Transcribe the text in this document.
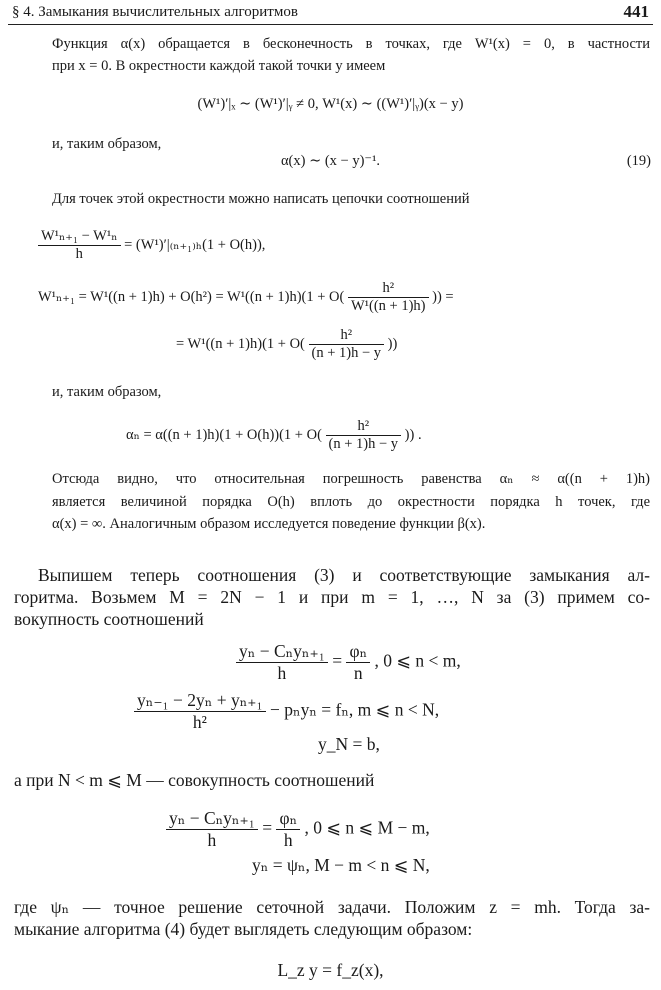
§ 4. Замыкания вычислительных алгоритмов	441
Функция α(x) обращается в бесконечность в точках, где W¹(x) = 0, в частности
при x = 0. В окрестности каждой такой точки y имеем
(W¹)′|ₓ ∼ (W¹)′|ᵧ ≠ 0, W¹(x) ∼ ((W¹)′|ᵧ)(x − y)
и, таким образом,
α(x) ∼ (x − y)⁻¹.	(19)
Для точек этой окрестности можно написать цепочки соотношений
$\frac{\text{W¹ₙ₊₁ − W¹ₙ}}{h} = (W^1)'|_{(n+1)h}(1 + O(h))$,
$W^1_{n+1} = W^1((n + 1)h) + O(h^2) = W^1((n + 1)h)(1 + O( \frac{\text{h²}}{\text{W¹((n + 1)h)}}$ )) =
= $W^1((n + 1)h)(1 + O( \frac{\text{h²}}{(n + 1)h - y}$ ))
и, таким образом,
$\alpha_n = \alpha((n + 1)h)(1 + O(h))(1 + O( \frac{\text{h²}}{(n + 1)h - y}$ )) .
Отсюда видно, что относительная погрешность равенства αₙ ≈ α((n + 1)h)
является величиной порядка O(h) вплоть до окрестности порядка h точек, где
α(x) = ∞. Аналогичным образом исследуется поведение функции β(x).
Выпишем теперь соотношения (3) и соответствующие замыкания ал-
горитма. Возьмем M = 2N − 1 и при m = 1, …, N за (3) примем со-
вокупность соотношений
$\frac{\text{yₙ − Cₙyₙ₊₁}}{h} = \frac{\text{φₙ}}{n}$ , 0 ⩽ n < m,
$\frac{\text{yₙ₋₁ − 2yₙ + yₙ₊₁}}{\text{h²}} - p_ny_n = f_n$, m ⩽ n < N,
y_N = b,
а при N < m ⩽ M — совокупность соотношений
$\frac{\text{yₙ − Cₙyₙ₊₁}}{h} = \frac{\text{φₙ}}{h}$ , 0 ⩽ n ⩽ M − m,
yₙ = ψₙ, M − m < n ⩽ N,
где ψₙ — точное решение сеточной задачи. Положим z = mh. Тогда за-
мыкание алгоритма (4) будет выглядеть следующим образом:
L_z y = f_z(x),
